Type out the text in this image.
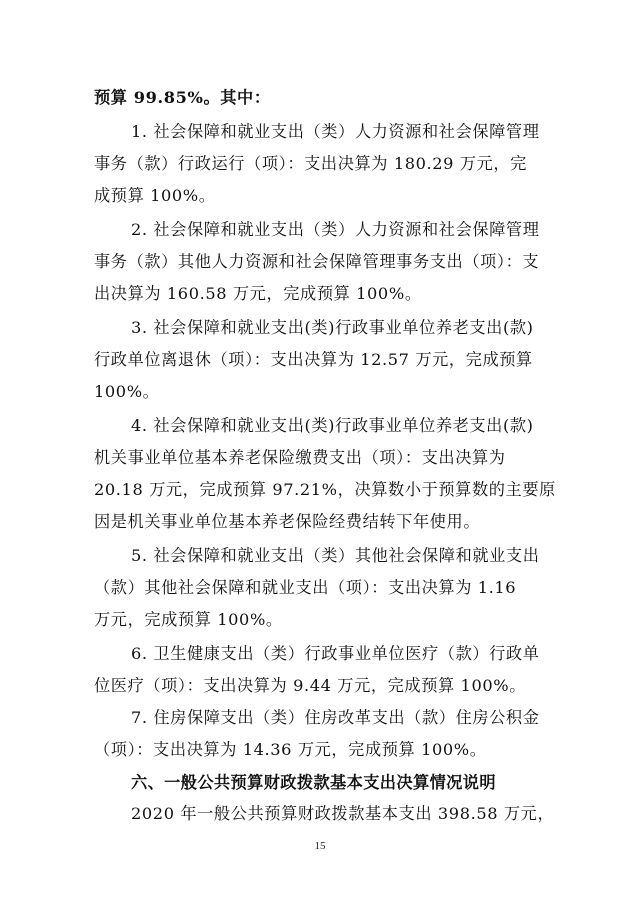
预算 99.85%。其中：
1. 社会保障和就业支出（类）人力资源和社会保障管理
事务（款）行政运行（项）：支出决算为 180.29 万元，完
成预算 100%。
2. 社会保障和就业支出（类）人力资源和社会保障管理
事务（款）其他人力资源和社会保障管理事务支出（项）：支
出决算为 160.58 万元，完成预算 100%。
3. 社会保障和就业支出(类)行政事业单位养老支出(款)
行政单位离退休（项）：支出决算为 12.57 万元，完成预算
100%。
4. 社会保障和就业支出(类)行政事业单位养老支出(款)
机关事业单位基本养老保险缴费支出（项）：支出决算为
20.18 万元，完成预算 97.21%，决算数小于预算数的主要原
因是机关事业单位基本养老保险经费结转下年使用。
5. 社会保障和就业支出（类）其他社会保障和就业支出
（款）其他社会保障和就业支出（项）：支出决算为 1.16
万元，完成预算 100%。
6. 卫生健康支出（类）行政事业单位医疗（款）行政单
位医疗（项）：支出决算为 9.44 万元，完成预算 100%。
7. 住房保障支出（类）住房改革支出（款）住房公积金
（项）：支出决算为 14.36 万元，完成预算 100%。
六、一般公共预算财政拨款基本支出决算情况说明
2020 年一般公共预算财政拨款基本支出 398.58 万元，
15
